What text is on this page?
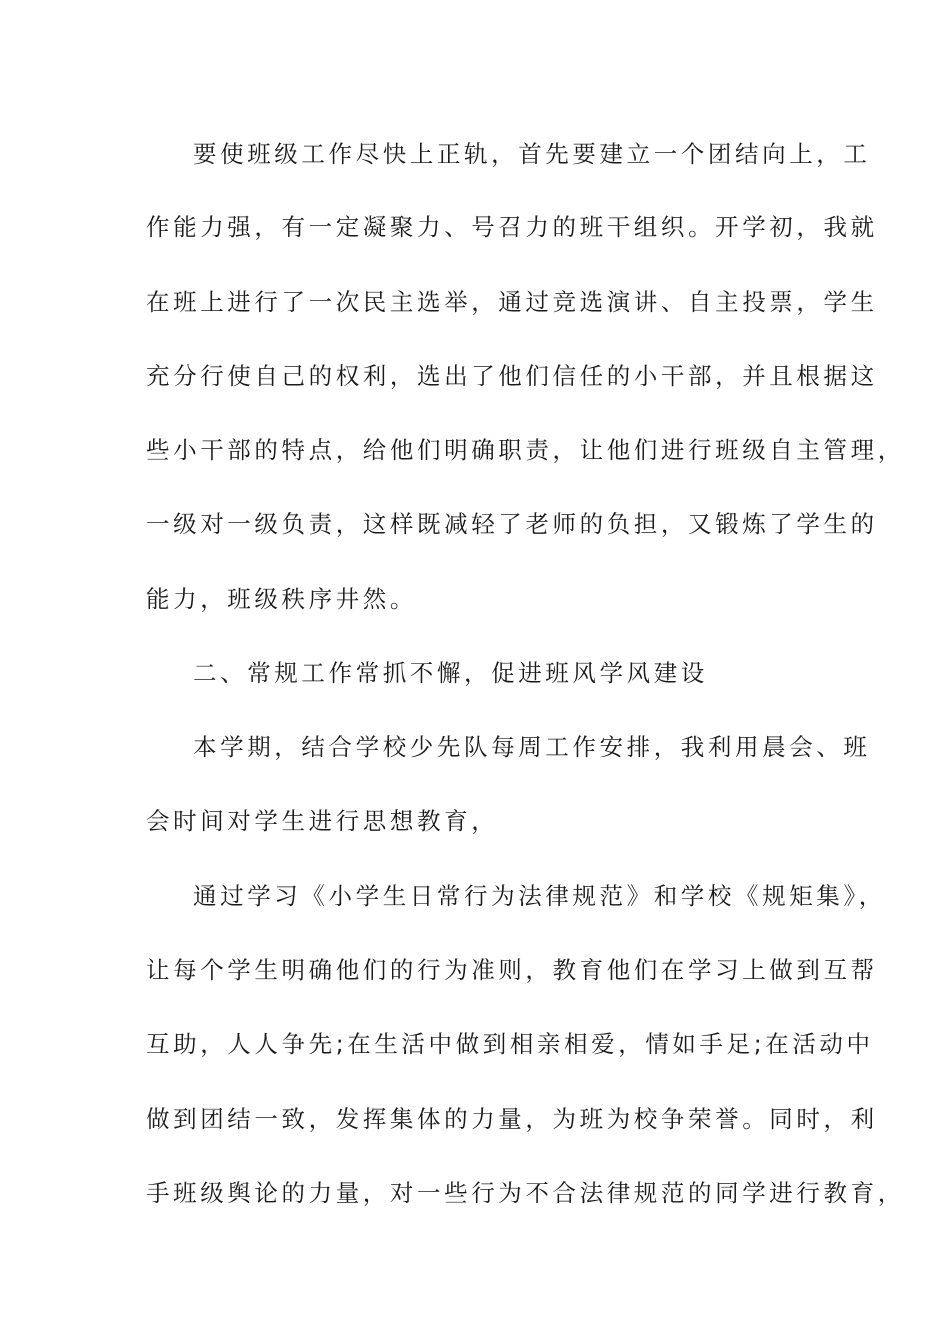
要使班级工作尽快上正轨，首先要建立一个团结向上，工
作能力强，有一定凝聚力、号召力的班干组织。开学初，我就
在班上进行了一次民主选举，通过竞选演讲、自主投票，学生
充分行使自己的权利，选出了他们信任的小干部，并且根据这
些小干部的特点，给他们明确职责，让他们进行班级自主管理，
一级对一级负责，这样既减轻了老师的负担，又锻炼了学生的
能力，班级秩序井然。
二、常规工作常抓不懈，促进班风学风建设
本学期，结合学校少先队每周工作安排，我利用晨会、班
会时间对学生进行思想教育，
通过学习《小学生日常行为法律规范》和学校《规矩集》，
让每个学生明确他们的行为准则，教育他们在学习上做到互帮
互助，人人争先;在生活中做到相亲相爱，情如手足;在活动中
做到团结一致，发挥集体的力量，为班为校争荣誉。同时，利
手班级舆论的力量，对一些行为不合法律规范的同学进行教育，
